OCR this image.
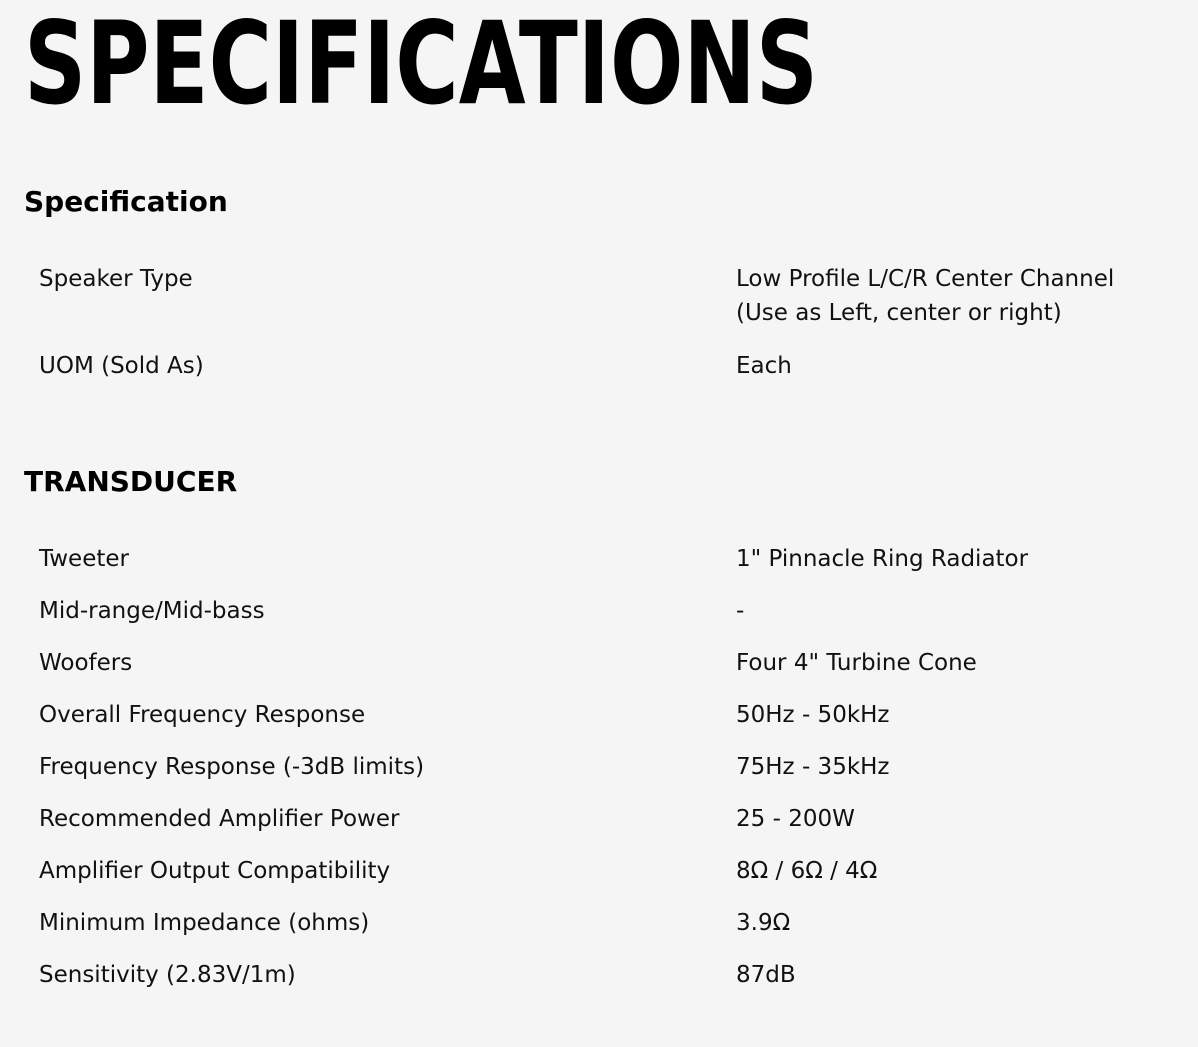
SPECIFICATIONS
Specification
Speaker Type	Low Profile L/C/R Center Channel
(Use as Left, center or right)

UOM (Sold As)	Each
TRANSDUCER
Tweeter	1" Pinnacle Ring Radiator
Mid-range/Mid-bass	-
Woofers	Four 4" Turbine Cone
Overall Frequency Response	50Hz - 50kHz
Frequency Response (-3dB limits)	75Hz - 35kHz
Recommended Amplifier Power	25 - 200W
Amplifier Output Compatibility	8Ω / 6Ω / 4Ω
Minimum Impedance (ohms)	3.9Ω
Sensitivity (2.83V/1m)	87dB
